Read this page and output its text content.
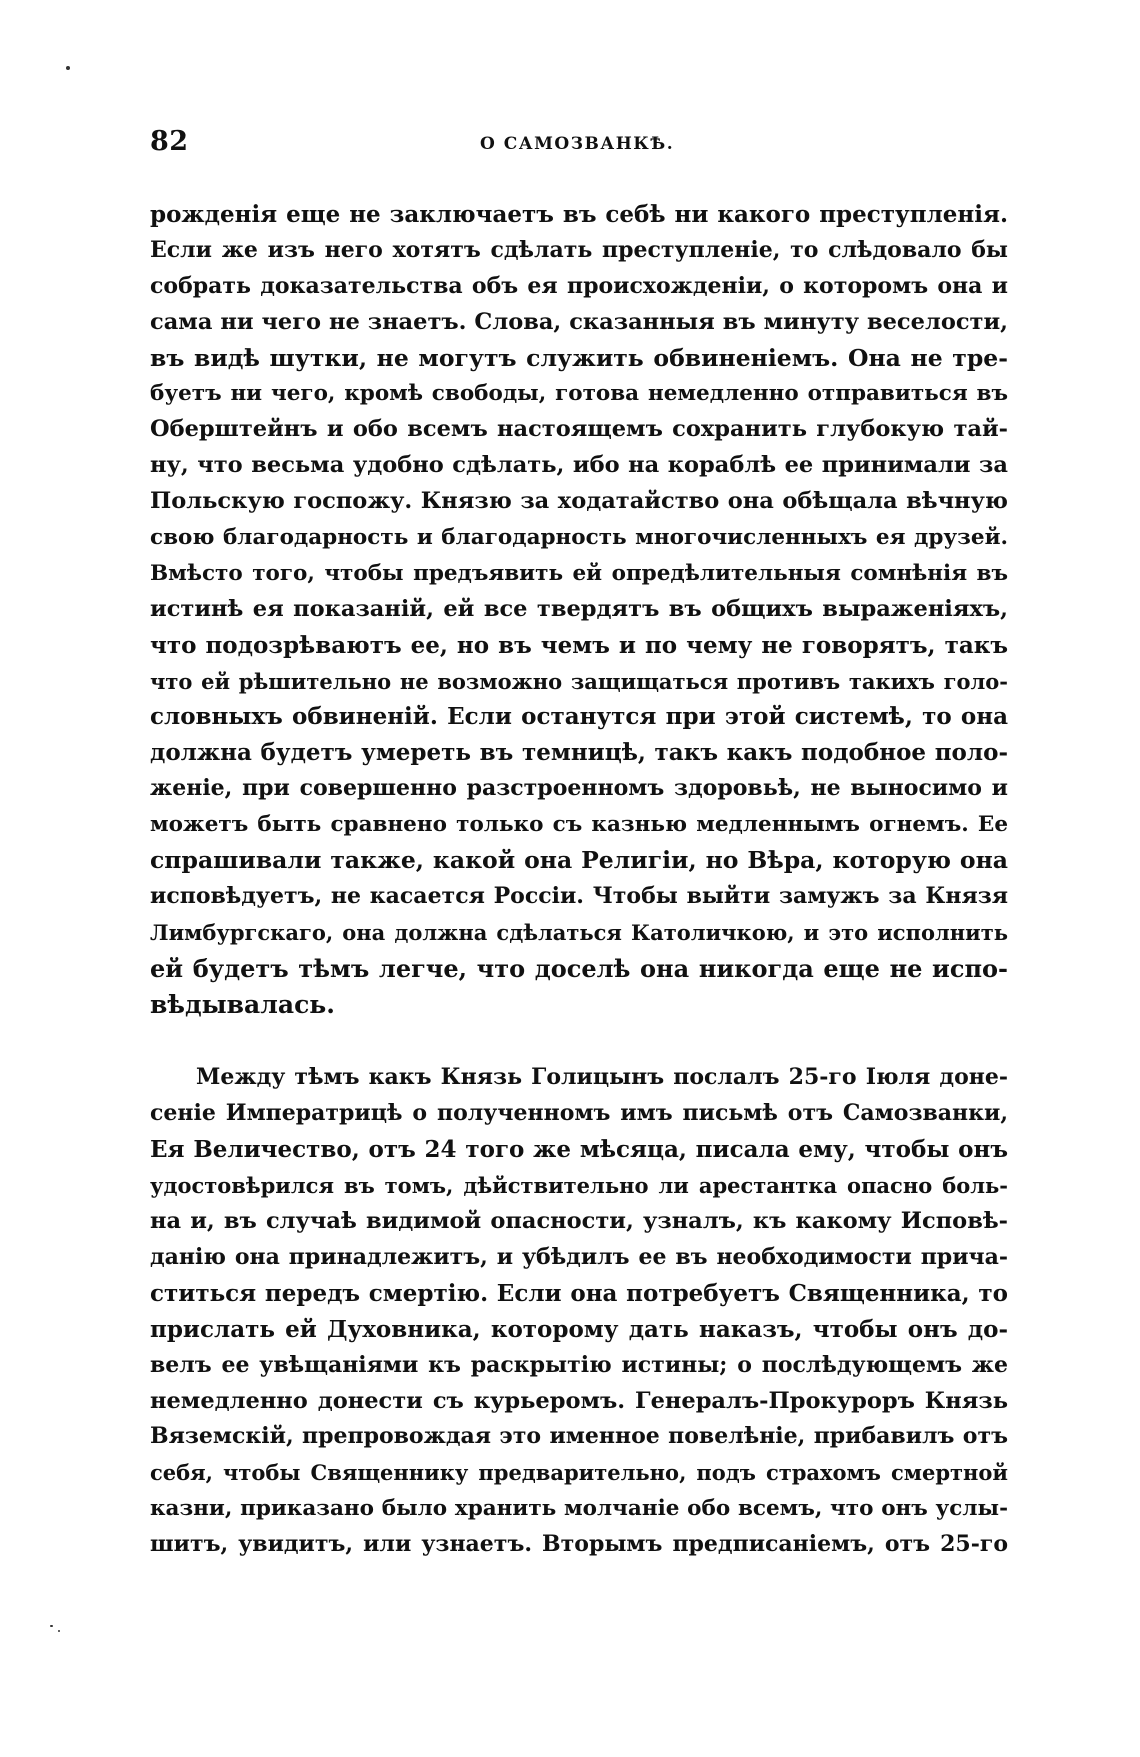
82	О САМОЗВАНКѢ.
рожденія еще не заключаетъ въ себѣ ни какого преступленія.
Если же изъ него хотятъ сдѣлать преступленіе, то слѣдовало бы
собрать доказательства объ ея происхожденіи, о которомъ она и
сама ни чего не знаетъ. Слова, сказанныя въ минуту веселости,
въ видѣ шутки, не могутъ служить обвиненіемъ. Она не тре-
буетъ ни чего, кромѣ свободы, готова немедленно отправиться въ
Оберштейнъ и обо всемъ настоящемъ сохранить глубокую тай-
ну, что весьма удобно сдѣлать, ибо на кораблѣ ее принимали за
Польскую госпожу. Князю за ходатайство она обѣщала вѣчную
свою благодарность и благодарность многочисленныхъ ея друзей.
Вмѣсто того, чтобы предъявить ей опредѣлительныя сомнѣнія въ
истинѣ ея показаній, ей все твердятъ въ общихъ выраженіяхъ,
что подозрѣваютъ ее, но въ чемъ и по чему не говорятъ, такъ
что ей рѣшительно не возможно защищаться противъ такихъ голо-
словныхъ обвиненій. Если останутся при этой системѣ, то она
должна будетъ умереть въ темницѣ, такъ какъ подобное поло-
женіе, при совершенно разстроенномъ здоровьѣ, не выносимо и
можетъ быть сравнено только съ казнью медленнымъ огнемъ. Ее
спрашивали также, какой она Религіи, но Вѣра, которую она
исповѣдуетъ, не касается Россіи. Чтобы выйти замужъ за Князя
Лимбургскаго, она должна сдѣлаться Католичкою, и это исполнить
ей будетъ тѣмъ легче, что доселѣ она никогда еще не испо-
вѣдывалась.
Между тѣмъ какъ Князь Голицынъ послалъ 25-го Іюля доне-
сеніе Императрицѣ о полученномъ имъ письмѣ отъ Самозванки,
Ея Величество, отъ 24 того же мѣсяца, писала ему, чтобы онъ
удостовѣрился въ томъ, дѣйствительно ли арестантка опасно боль-
на и, въ случаѣ видимой опасности, узналъ, къ какому Исповѣ-
данію она принадлежитъ, и убѣдилъ ее въ необходимости прича-
ститься передъ смертію. Если она потребуетъ Священника, то
прислать ей Духовника, которому дать наказъ, чтобы онъ до-
велъ ее увѣщаніями къ раскрытію истины; о послѣдующемъ же
немедленно донести съ курьеромъ. Генералъ-Прокуроръ Князь
Вяземскій, препровождая это именное повелѣніе, прибавилъ отъ
себя, чтобы Священнику предварительно, подъ страхомъ смертной
казни, приказано было хранить молчаніе обо всемъ, что онъ услы-
шитъ, увидитъ, или узнаетъ. Вторымъ предписаніемъ, отъ 25-го
